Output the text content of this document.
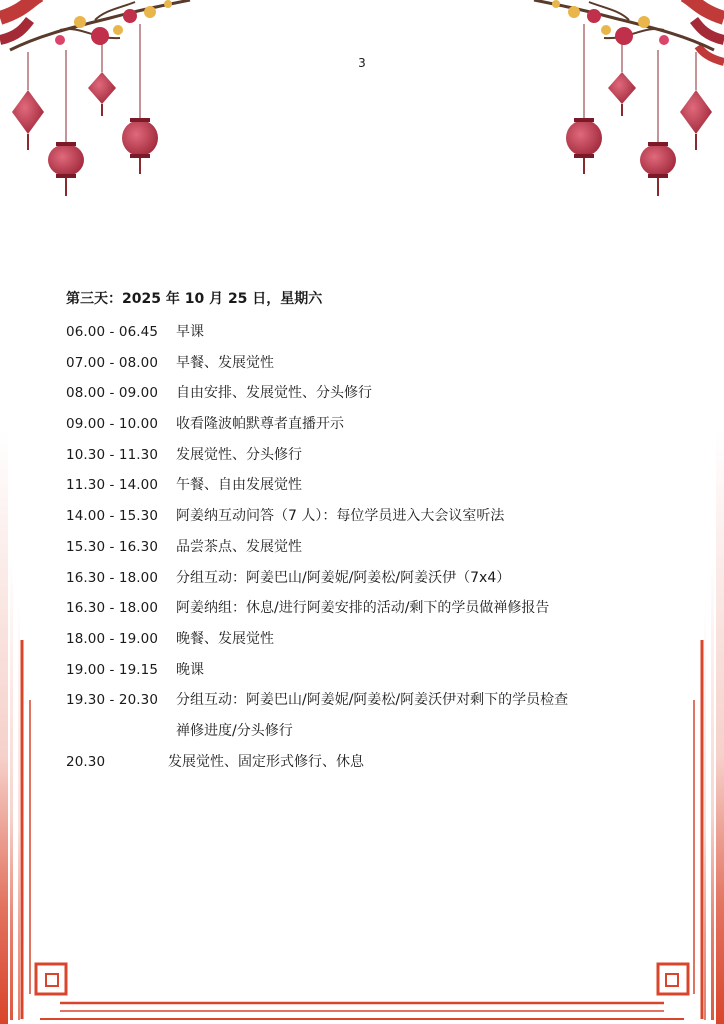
3
第三天：2025 年 10 月 25 日，星期六
06.00 - 06.45	早课
07.00 - 08.00	早餐、发展觉性
08.00 - 09.00	自由安排、发展觉性、分头修行
09.00 - 10.00	收看隆波帕默尊者直播开示
10.30 - 11.30	发展觉性、分头修行
11.30 - 14.00	午餐、自由发展觉性
14.00 - 15.30	阿姜纳互动问答（7 人）：每位学员进入大会议室听法
15.30 - 16.30	品尝茶点、发展觉性
16.30 - 18.00	分组互动：阿姜巴山/阿姜妮/阿姜松/阿姜沃伊（7x4）
16.30 - 18.00	阿姜纳组：休息/进行阿姜安排的活动/剩下的学员做禅修报告
18.00 - 19.00	晚餐、发展觉性
19.00 - 19.15	晚课
19.30 - 20.30	分组互动：阿姜巴山/阿姜妮/阿姜松/阿姜沃伊对剩下的学员检查
禅修进度/分头修行
20.30	发展觉性、固定形式修行、休息
